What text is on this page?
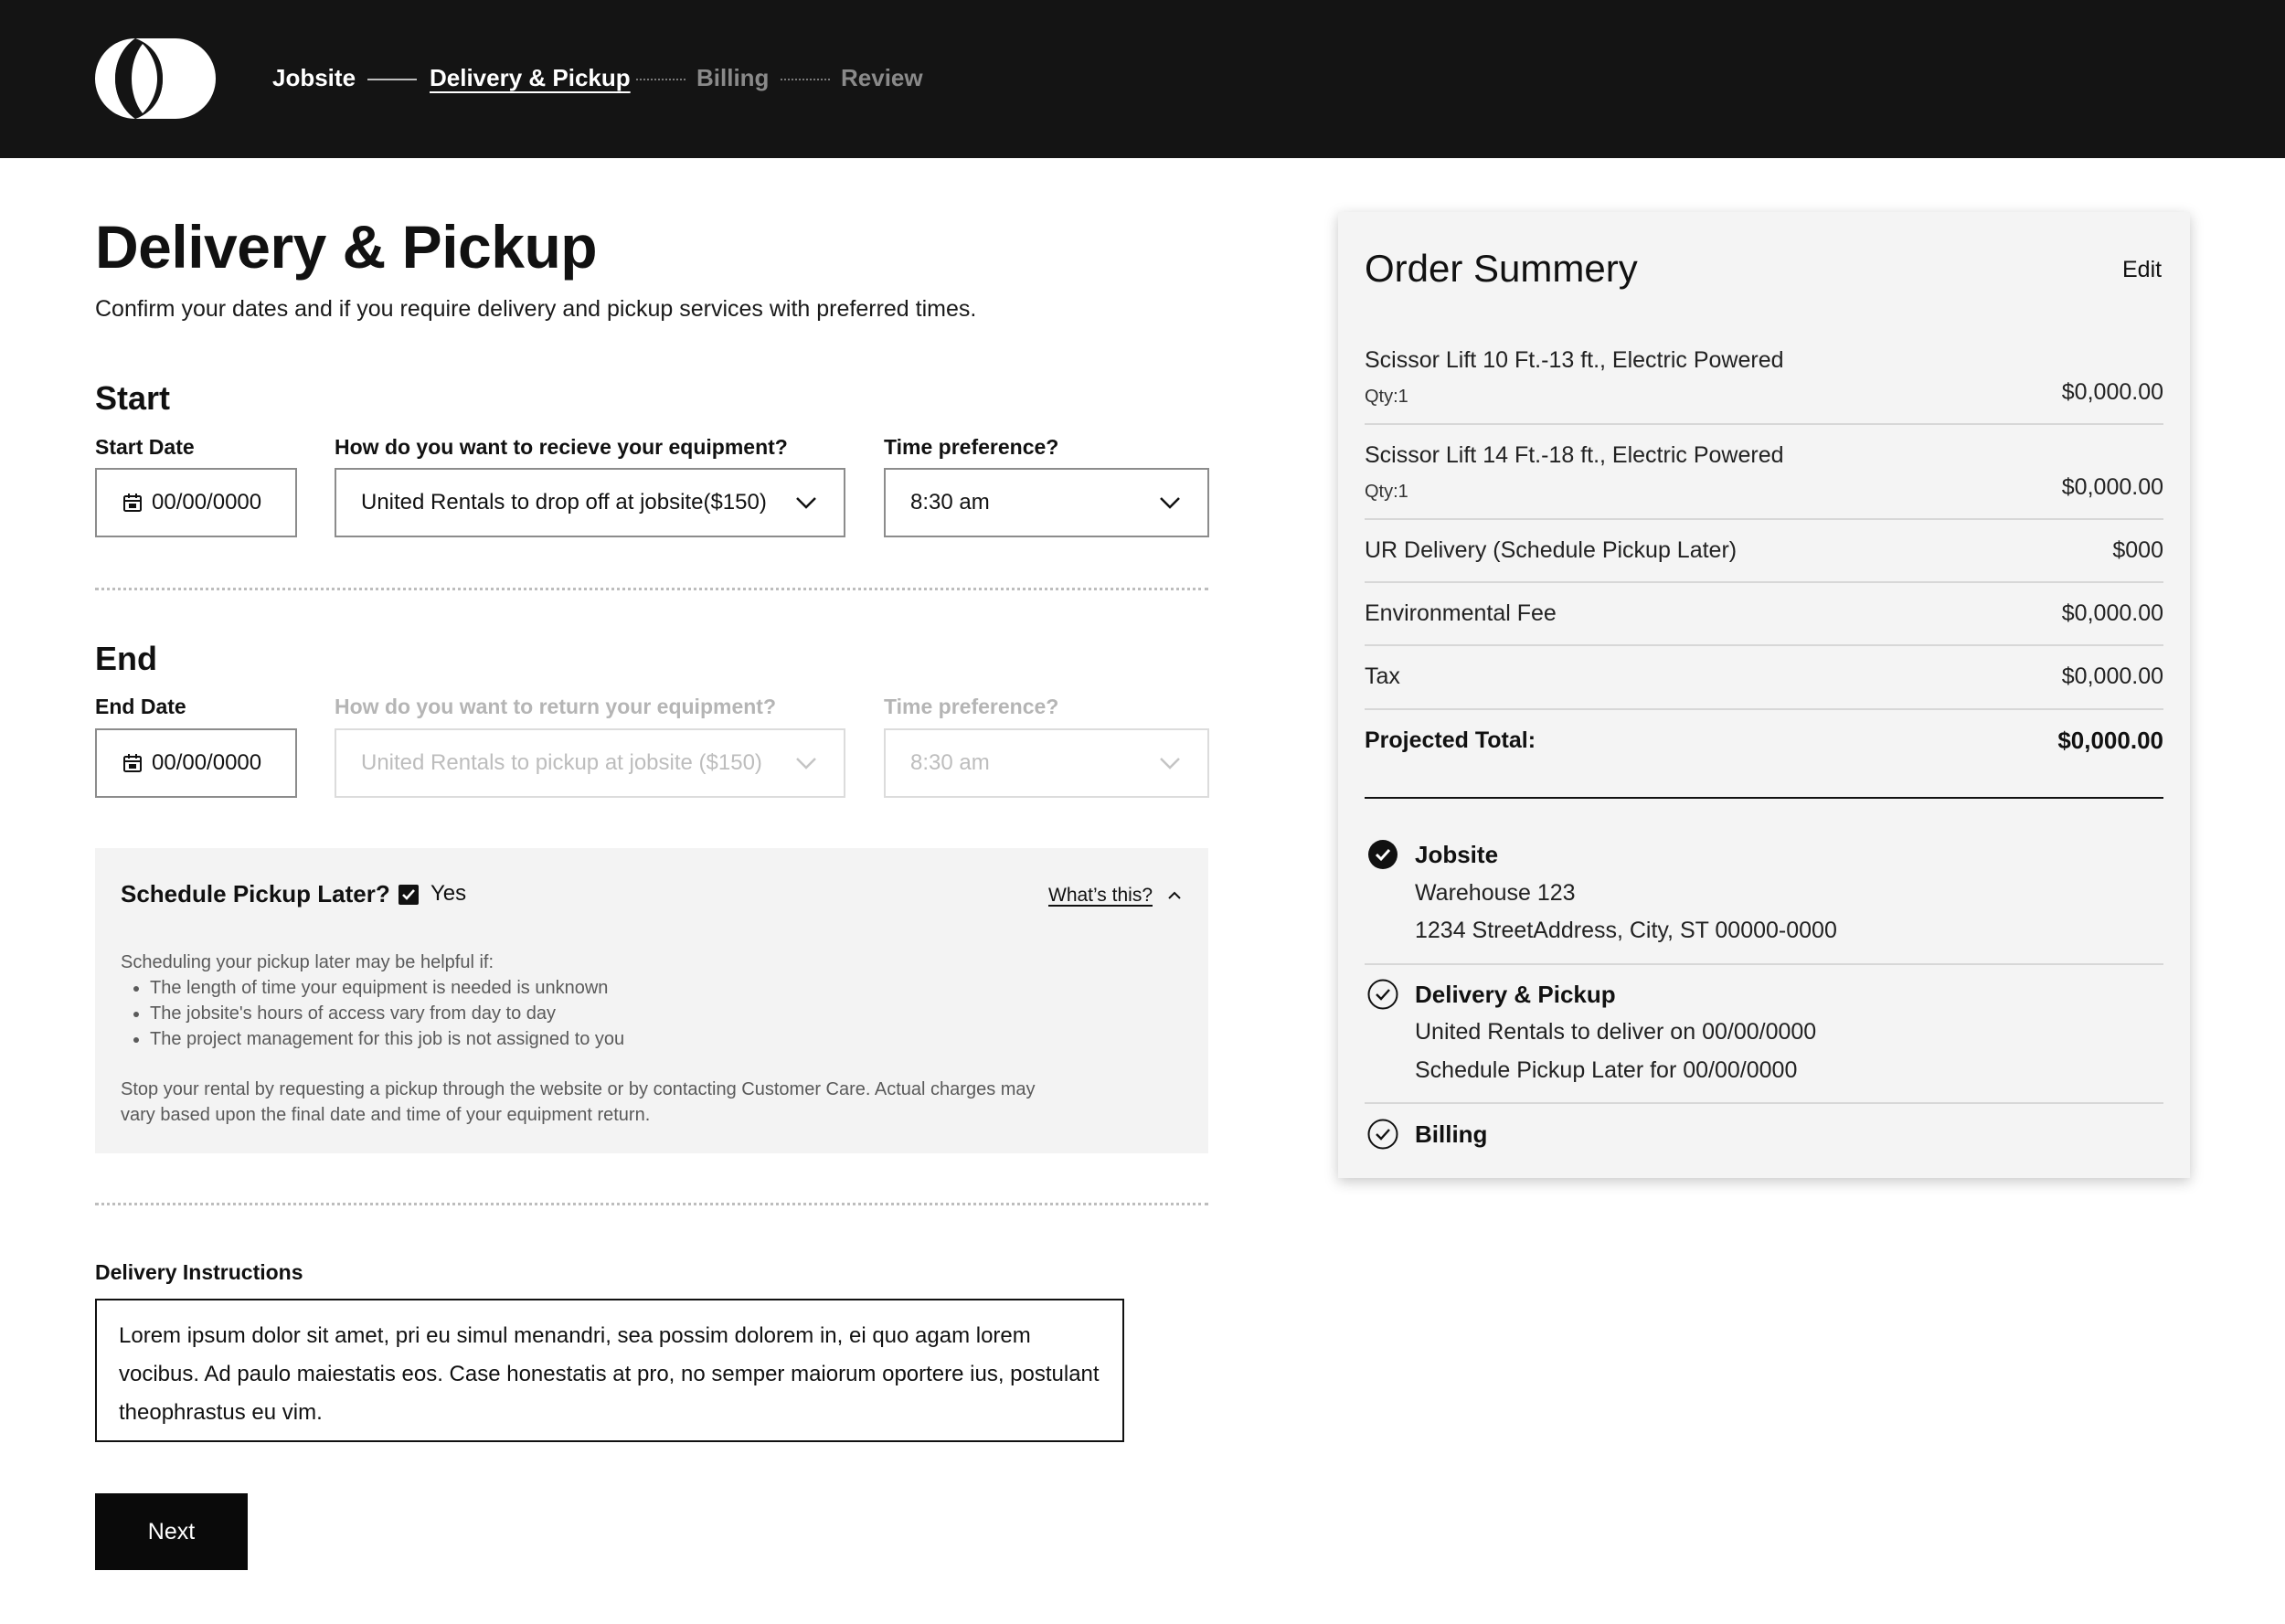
Jobsite	Delivery & Pickup	Billing	Review
Delivery & Pickup
Confirm your dates and if you require delivery and pickup services with preferred times.
Start
Start Date	How do you want to recieve your equipment?	Time preference?
00/00/0000	United Rentals to drop off at jobsite($150)	8:30 am
End
End Date	How do you want to return your equipment?	Time preference?
00/00/0000	United Rentals to pickup at jobsite ($150)	8:30 am
Schedule Pickup Later? Yes	What’s this?
Scheduling your pickup later may be helpful if:
• The length of time your equipment is needed is unknown
• The jobsite's hours of access vary from day to day
• The project management for this job is not assigned to you
Stop your rental by requesting a pickup through the website or by contacting Customer Care. Actual charges may
vary based upon the final date and time of your equipment return.
Delivery Instructions
Lorem ipsum dolor sit amet, pri eu simul menandri, sea possim dolorem in, ei quo agam lorem vocibus. Ad paulo maiestatis eos. Case honestatis at pro, no semper maiorum oportere ius, postulant theophrastus eu vim.
Next
Order Summery	Edit
Scissor Lift 10 Ft.-13 ft., Electric Powered
Qty:1	$0,000.00
Scissor Lift 14 Ft.-18 ft., Electric Powered
Qty:1	$0,000.00
UR Delivery (Schedule Pickup Later)	$000
Environmental Fee	$0,000.00
Tax	$0,000.00
Projected Total:	$0,000.00
Jobsite
Warehouse 123
1234 StreetAddress, City, ST 00000-0000
Delivery & Pickup
United Rentals to deliver on 00/00/0000
Schedule Pickup Later for 00/00/0000
Billing
